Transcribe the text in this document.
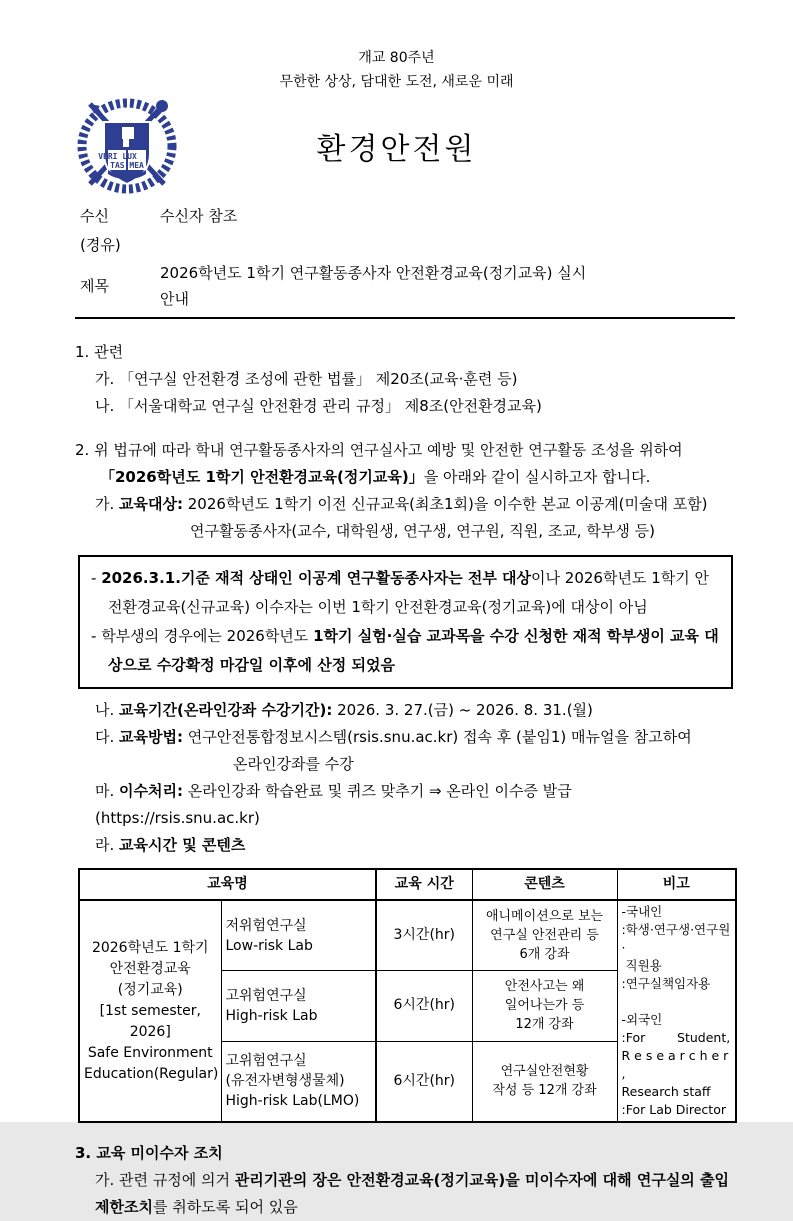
개교 80주년
무한한 상상, 담대한 도전, 새로운 미래
VERI LUX
TAS MEA	환경안전원
수신	수신자 참조
(경유)
제목
2026학년도 1학기 연구활동종사자 안전환경교육(정기교육) 실시
안내
1. 관련
가. 「연구실 안전환경 조성에 관한 법률」 제20조(교육·훈련 등)
나. 「서울대학교 연구실 안전환경 관리 규정」 제8조(안전환경교육)
2. 위 법규에 따라 학내 연구활동종사자의 연구실사고 예방 및 안전한 연구활동 조성을 위하여
「2026학년도 1학기 안전환경교육(정기교육)」을 아래와 같이 실시하고자 합니다.
가. 교육대상: 2026학년도 1학기 이전 신규교육(최초1회)을 이수한 본교 이공계(미술대 포함)
연구활동종사자(교수, 대학원생, 연구생, 연구원, 직원, 조교, 학부생 등)
- 2026.3.1.기준 재적 상태인 이공계 연구활동종사자는 전부 대상이나 2026학년도 1학기 안전환경교육(신규교육) 이수자는 이번 1학기 안전환경교육(정기교육)에 대상이 아님
- 학부생의 경우에는 2026학년도 1학기 실험·실습 교과목을 수강 신청한 재적 학부생이 교육 대상으로 수강확정 마감일 이후에 산정 되었음
나. 교육기간(온라인강좌 수강기간): 2026. 3. 27.(금) ~ 2026. 8. 31.(월)
다. 교육방법: 연구안전통합정보시스템(rsis.snu.ac.kr) 접속 후 (붙임1) 매뉴얼을 참고하여
온라인강좌를 수강
마. 이수처리: 온라인강좌 학습완료 및 퀴즈 맞추기 ⇒ 온라인 이수증 발급(https://rsis.snu.ac.kr)
라. 교육시간 및 콘텐츠
교육명		교육 시간	콘텐츠	비고
2026학년도 1학기
안전환경교육
(정기교육)
[1st semester, 2026]
Safe Environment
Education(Regular)	저위험연구실
Low-risk Lab	3시간(hr)	애니메이션으로 보는
연구실 안전관리 등
6개 강좌	-국내인
:학생·연구생·연구원·
직원용
:연구실책임자용

-외국인
:For        Student,
R e s e a r c h e r ,
Research staff
:For Lab Director
	고위험연구실
High-risk Lab	6시간(hr)	안전사고는 왜
일어나는가 등
12개 강좌	
	고위험연구실
(유전자변형생물체)
High-risk Lab(LMO)	6시간(hr)	연구실안전현황
작성 등 12개 강좌	
3. 교육 미이수자 조치
가. 관련 규정에 의거 관리기관의 장은 안전환경교육(정기교육)을 미이수자에 대해 연구실의 출입 제한조치를 취하도록 되어 있음
